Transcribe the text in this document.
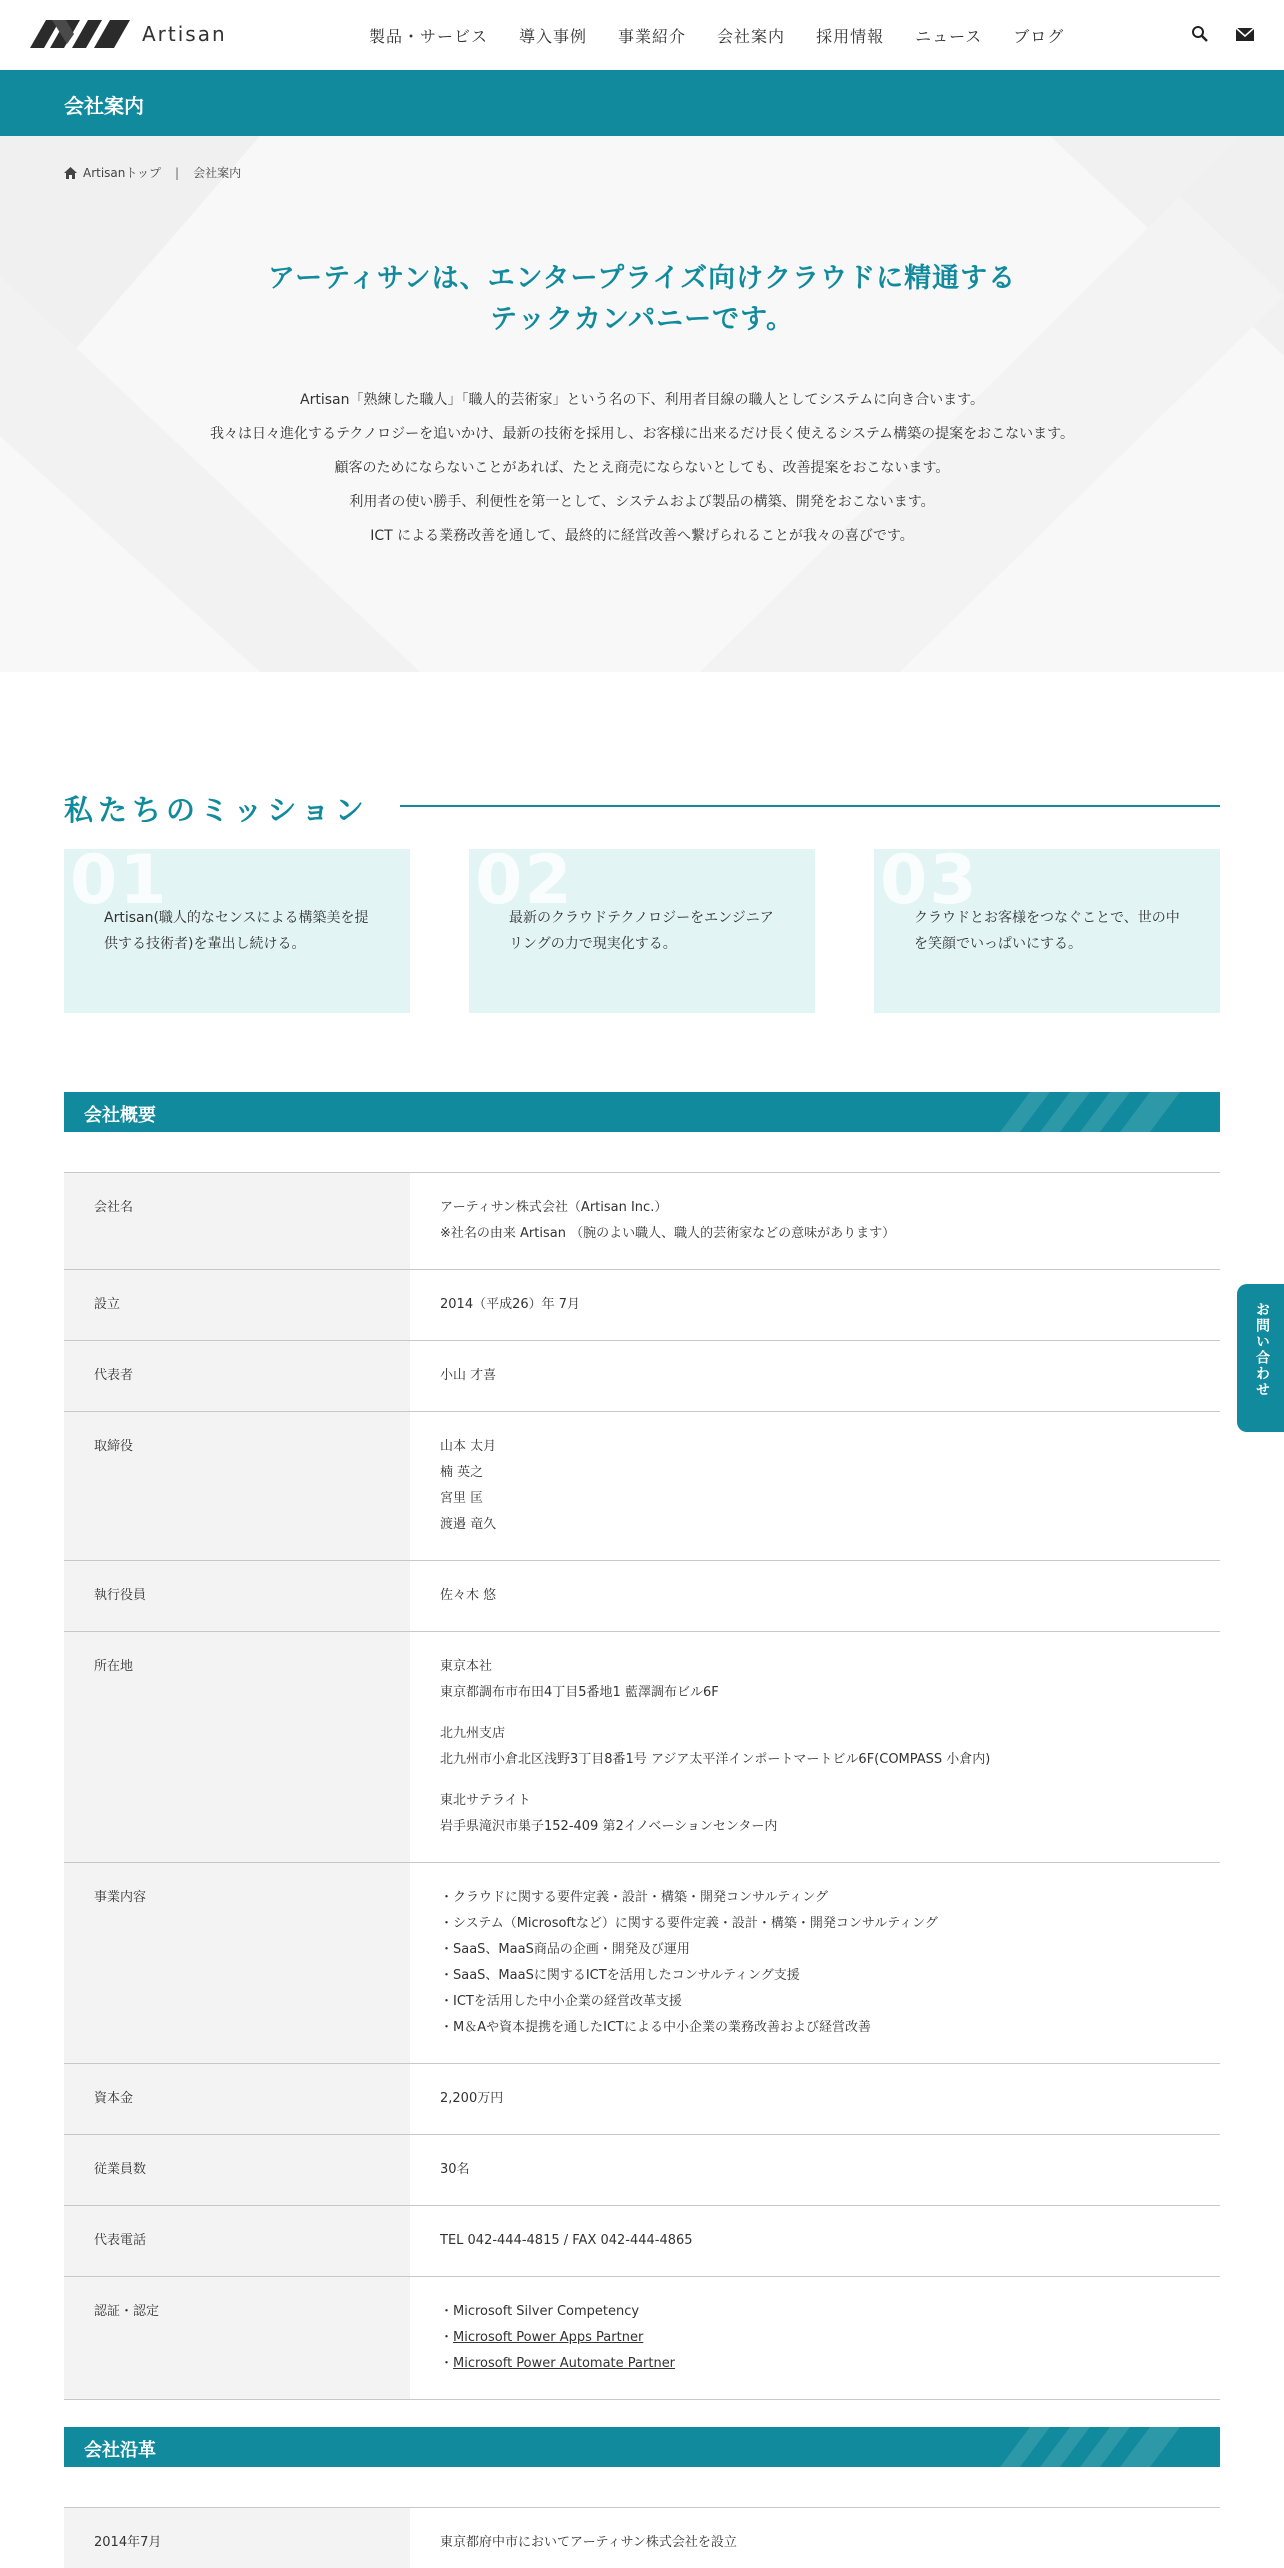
Artisan	製品・サービス 導入事例 事業紹介 会社案内 採用情報 ニュース ブログ
会社案内
Artisanトップ | 会社案内
アーティサンは、エンタープライズ向けクラウドに精通する
テックカンパニーです。
Artisan「熟練した職人」「職人的芸術家」という名の下、利用者目線の職人としてシステムに向き合います。
我々は日々進化するテクノロジーを追いかけ、最新の技術を採用し、お客様に出来るだけ長く使えるシステム構築の提案をおこないます。
顧客のためにならないことがあれば、たとえ商売にならないとしても、改善提案をおこないます。
利用者の使い勝手、利便性を第一として、システムおよび製品の構築、開発をおこないます。
ICT による業務改善を通して、最終的に経営改善へ繋げられることが我々の喜びです。
私たちのミッション
01
Artisan(職人的なセンスによる構築美を提
供する技術者)を輩出し続ける。
02
最新のクラウドテクノロジーをエンジニア
リングの力で現実化する。
03
クラウドとお客様をつなぐことで、世の中
を笑顔でいっぱいにする。
会社概要
会社名	アーティサン株式会社（Artisan Inc.）
※社名の由来 Artisan （腕のよい職人、職人的芸術家などの意味があります）
設立	2014（平成26）年 7月
代表者	小山 才喜
取締役	山本 太月
楠 英之
宮里 匡
渡邉 竜久
執行役員	佐々木 悠
所在地	東京本社
東京都調布市布田4丁目5番地1 藍澤調布ビル6F
北九州支店
北九州市小倉北区浅野3丁目8番1号 アジア太平洋インポートマートビル6F(COMPASS 小倉内)
東北サテライト
岩手県滝沢市巣子152-409 第2イノベーションセンター内
事業内容	・クラウドに関する要件定義・設計・構築・開発コンサルティング
・システム（Microsoftなど）に関する要件定義・設計・構築・開発コンサルティング
・SaaS、MaaS商品の企画・開発及び運用
・SaaS、MaaSに関するICTを活用したコンサルティング支援
・ICTを活用した中小企業の経営改革支援
・M＆Aや資本提携を通したICTによる中小企業の業務改善および経営改善
資本金	2,200万円
従業員数	30名
代表電話	TEL 042-444-4815 / FAX 042-444-4865
認証・認定	・Microsoft Silver Competency
・Microsoft Power Apps Partner
・Microsoft Power Automate Partner
会社沿革
2014年7月	東京都府中市においてアーティサン株式会社を設立
お問い合わせ
